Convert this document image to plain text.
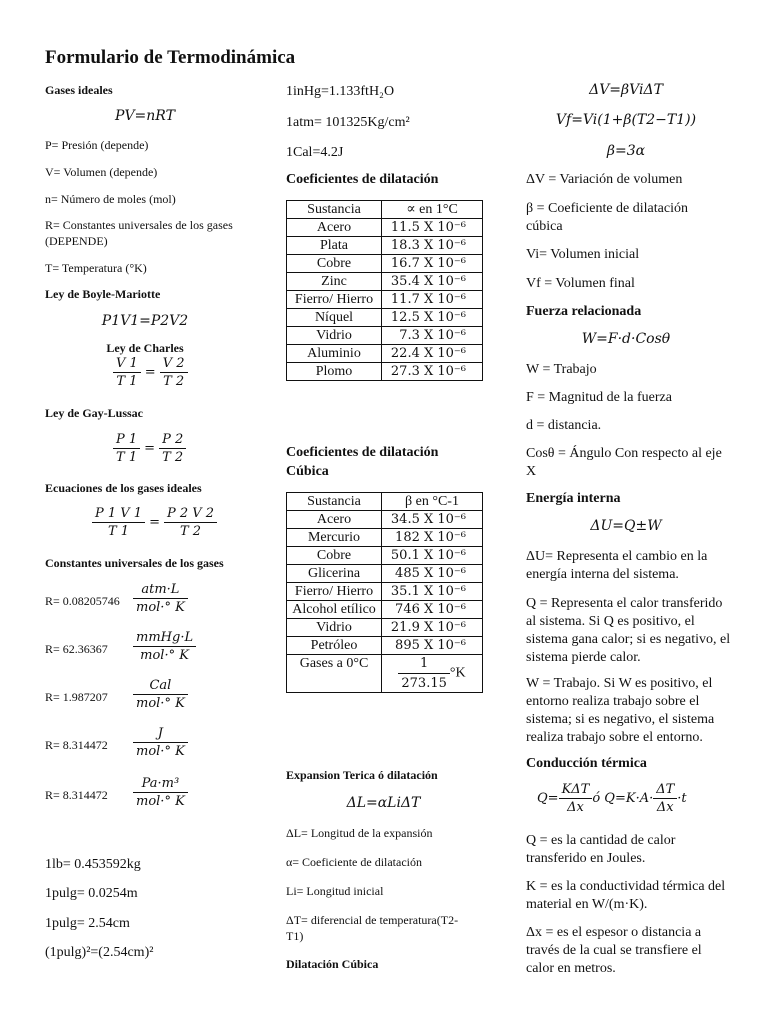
Formulario de Termodinámica
Gases ideales
PV=nRT
P= Presión (depende)
V= Volumen (depende)
n= Número de moles (mol)
R= Constantes universales de los gases (DEPENDE)
T= Temperatura (°K)
Ley de Boyle-Mariotte
P1V1=P2V2
Ley de Charles
$\frac{V 1}{T 1} = \frac{V 2}{T 2}$
Ley de Gay-Lussac
$\frac{P 1}{T 1} = \frac{P 2}{T 2}$
Ecuaciones de los gases ideales
$\frac{P 1 V 1}{T 1} = \frac{P 2 V 2}{T 2}$
Constantes universales de los gases
$R= 0.08205746 \frac{\text{atm·L}}{\text{mol·° K}}$
$R= 62.36367 \frac{\text{mmHg·L}}{\text{mol·° K}}$
$R= 1.987207 \frac{\text{Cal}}{\text{mol·° K}}$
$R= 8.314472 \frac{J}{\text{mol·° K}}$
$R= 8.314472 \frac{\text{Pa·m³}}{\text{mol·° K}}$
1lb= 0.453592kg
1pulg= 0.0254m
1pulg= 2.54cm
(1pulg)²=(2.54cm)²
1inHg=1.133ftH₂O
1atm= 101325Kg/cm²
1Cal=4.2J
Coeficientes de dilatación
Sustancia	∝ en 1°C
Acero	11.5 X 10⁻⁶
Plata	18.3 X 10⁻⁶
Cobre	16.7 X 10⁻⁶
Zinc	35.4 X 10⁻⁶
Fierro/ Hierro	11.7 X 10⁻⁶
Níquel	12.5 X 10⁻⁶
Vidrio	7.3 X 10⁻⁶
Aluminio	22.4 X 10⁻⁶
Plomo	27.3 X 10⁻⁶
Coeficientes de dilatación Cúbica
Sustancia	β en °C-1
Acero	34.5 X 10⁻⁶
Mercurio	182 X 10⁻⁶
Cobre	50.1 X 10⁻⁶
Glicerina	485 X 10⁻⁶
Fierro/ Hierro	35.1 X 10⁻⁶
Alcohol etílico	746 X 10⁻⁶
Vidrio	21.9 X 10⁻⁶
Petróleo	895 X 10⁻⁶
Gases a 0°C	$\frac{1}{273.15} ^\circ K$
Expansion Terica ó dilatación
ΔL=αLiΔT
ΔL= Longitud de la expansión
α= Coeficiente de dilatación
Li= Longitud inicial
ΔT= diferencial de temperatura(T2-T1)
Dilatación Cúbica
ΔV=βViΔT
Vf=Vi(1+β(T2−T1))
β=3α
ΔV = Variación de volumen
β = Coeficiente de dilatación cúbica
Vi= Volumen inicial
Vf = Volumen final
Fuerza relacionada
W=F·d·Cosθ
W = Trabajo
F = Magnitud de la fuerza
d = distancia.
Cosθ = Ángulo Con respecto al eje X
Energía interna
ΔU=Q±W
ΔU= Representa el cambio en la energía interna del sistema.
Q = Representa el calor transferido al sistema. Si Q es positivo, el sistema gana calor; si es negativo, el sistema pierde calor.
W = Trabajo. Si W es positivo, el entorno realiza trabajo sobre el sistema; si es negativo, el sistema realiza trabajo sobre el entorno.
Conducción térmica
$Q= \frac{\text{KΔT}}{\Delta x}$ ó $Q=K\cdot A\cdot \frac{\Delta T}{\Delta x} \cdot t$
Q = es la cantidad de calor transferido en Joules.
K = es la conductividad térmica del material en W/(m·K).
Δx = es el espesor o distancia a través de la cual se transfiere el calor en metros.
